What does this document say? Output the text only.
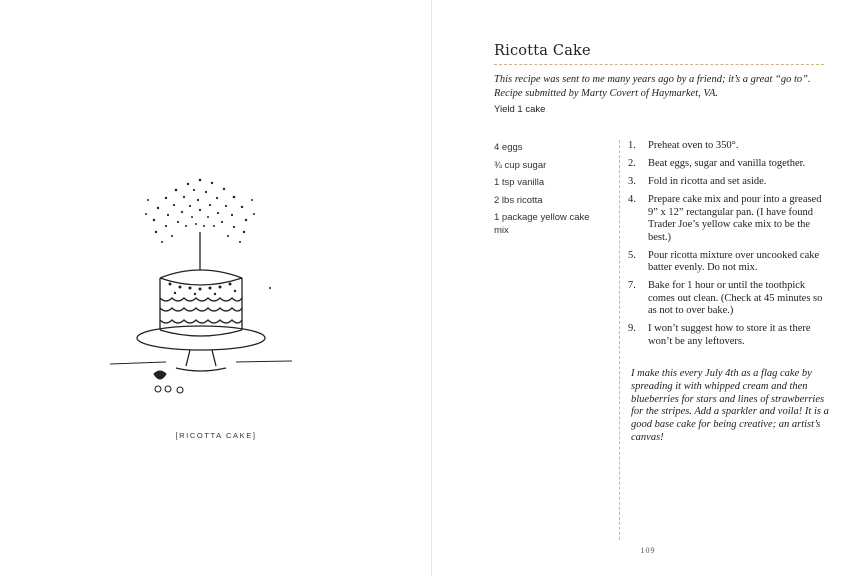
[RICOTTA CAKE]
Ricotta Cake
This recipe was sent to me many years ago by a friend; it’s a great “go to”. Recipe submitted by Marty Covert of Haymarket, VA.
Yield 1 cake
4 eggs
¾ cup sugar
1 tsp vanilla
2 lbs ricotta
1 package yellow cake mix
1.	Preheat oven to 350°.
2.	Beat eggs, sugar and vanilla together.
3.	Fold in ricotta and set aside.
4.	Prepare cake mix and pour into a greased 9” x 12” rectangular pan. (I have found Trader Joe’s yellow cake mix to be the best.)
5.	Pour ricotta mixture over uncooked cake batter evenly. Do not mix.
7.	Bake for 1 hour or until the toothpick comes out clean. (Check at 45 minutes so as not to over bake.)
9.	I won’t suggest how to store it as there won’t be any leftovers.
I make this every July 4th as a flag cake by spreading it with whipped cream and then blueberries for stars and lines of strawberries for the stripes. Add a sparkler and voila! It is a good base cake for being creative; an artist’s canvas!
109
